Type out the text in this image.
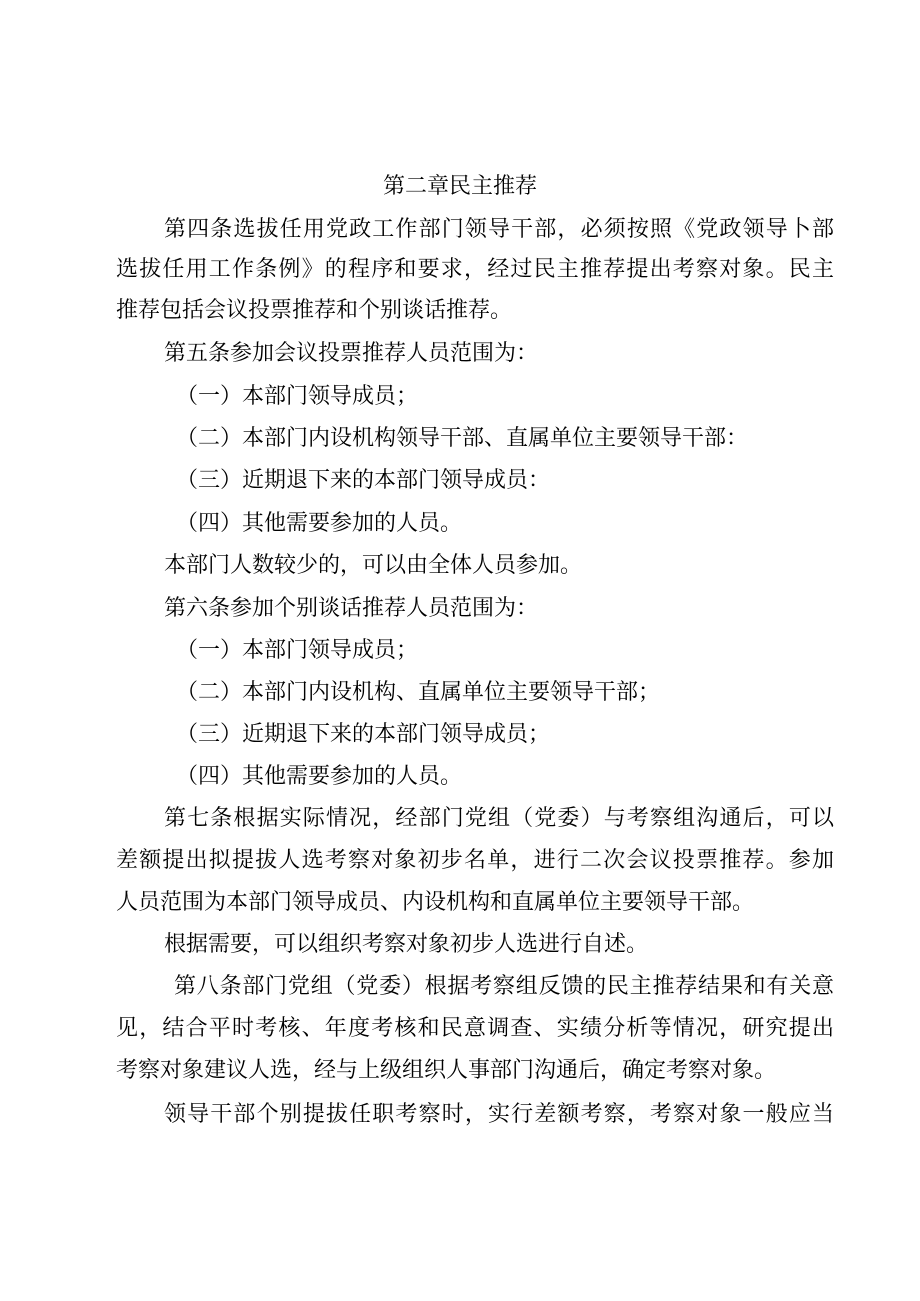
第二章民主推荐
第四条选拔任用党政工作部门领导干部，必须按照《党政领导卜部
选拔任用工作条例》的程序和要求，经过民主推荐提出考察对象。民主
推荐包括会议投票推荐和个别谈话推荐。
第五条参加会议投票推荐人员范围为：
（一）本部门领导成员；
（二）本部门内设机构领导干部、直属单位主要领导干部：
（三）近期退下来的本部门领导成员：
（四）其他需要参加的人员。
本部门人数较少的，可以由全体人员参加。
第六条参加个别谈话推荐人员范围为：
（一）本部门领导成员；
（二）本部门内设机构、直属单位主要领导干部；
（三）近期退下来的本部门领导成员；
（四）其他需要参加的人员。
第七条根据实际情况，经部门党组（党委）与考察组沟通后，可以
差额提出拟提拔人选考察对象初步名单，进行二次会议投票推荐。参加
人员范围为本部门领导成员、内设机构和直属单位主要领导干部。
根据需要，可以组织考察对象初步人选进行自述。
第八条部门党组（党委）根据考察组反馈的民主推荐结果和有关意
见，结合平时考核、年度考核和民意调查、实绩分析等情况，研究提出
考察对象建议人选，经与上级组织人事部门沟通后，确定考察对象。
领导干部个别提拔任职考察时，实行差额考察，考察对象一般应当
